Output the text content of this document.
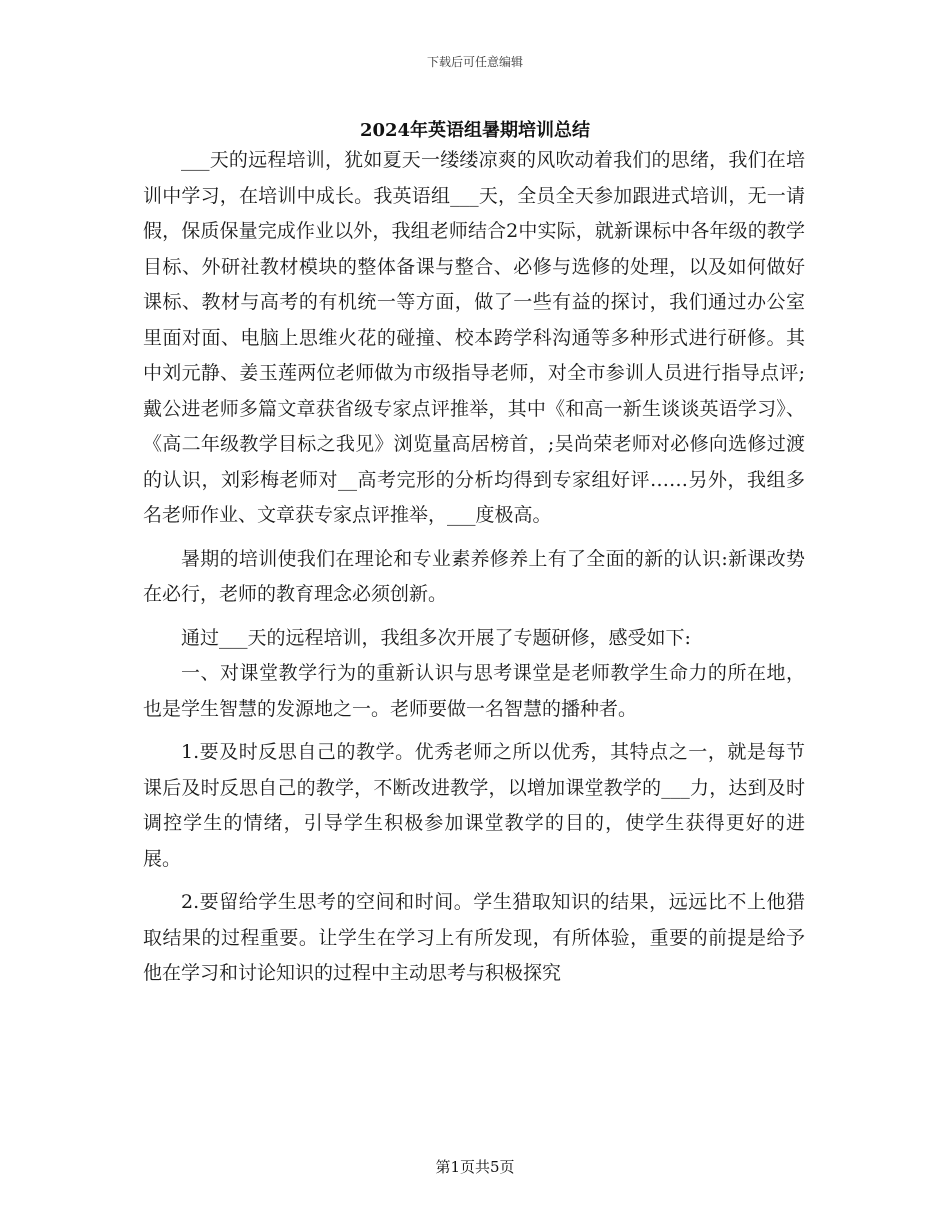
下载后可任意编辑
2024年英语组暑期培训总结

___天的远程培训，犹如夏天一缕缕凉爽的风吹动着我们的思绪，我们在培训中学习，在培训中成长。我英语组___天，全员全天参加跟进式培训，无一请假，保质保量完成作业以外，我组老师结合2中实际，就新课标中各年级的教学目标、外研社教材模块的整体备课与整合、必修与选修的处理，以及如何做好课标、教材与高考的有机统一等方面，做了一些有益的探讨，我们通过办公室里面对面、电脑上思维火花的碰撞、校本跨学科沟通等多种形式进行研修。其中刘元静、姜玉莲两位老师做为市级指导老师，对全市参训人员进行指导点评;戴公进老师多篇文章获省级专家点评推举，其中《和高一新生谈谈英语学习》、《高二年级教学目标之我见》浏览量高居榜首，;吴尚荣老师对必修向选修过渡的认识，刘彩梅老师对__高考完形的分析均得到专家组好评……另外，我组多名老师作业、文章获专家点评推举，___度极高。

暑期的培训使我们在理论和专业素养修养上有了全面的新的认识:新课改势在必行，老师的教育理念必须创新。

通过___天的远程培训，我组多次开展了专题研修，感受如下:

一、对课堂教学行为的重新认识与思考课堂是老师教学生命力的所在地，也是学生智慧的发源地之一。老师要做一名智慧的播种者。

1.要及时反思自己的教学。优秀老师之所以优秀，其特点之一，就是每节课后及时反思自己的教学，不断改进教学，以增加课堂教学的___力，达到及时调控学生的情绪，引导学生积极参加课堂教学的目的，使学生获得更好的进展。

2.要留给学生思考的空间和时间。学生猎取知识的结果，远远比不上他猎取结果的过程重要。让学生在学习上有所发现，有所体验，重要的前提是给予他在学习和讨论知识的过程中主动思考与积极探究

第1页共5页
